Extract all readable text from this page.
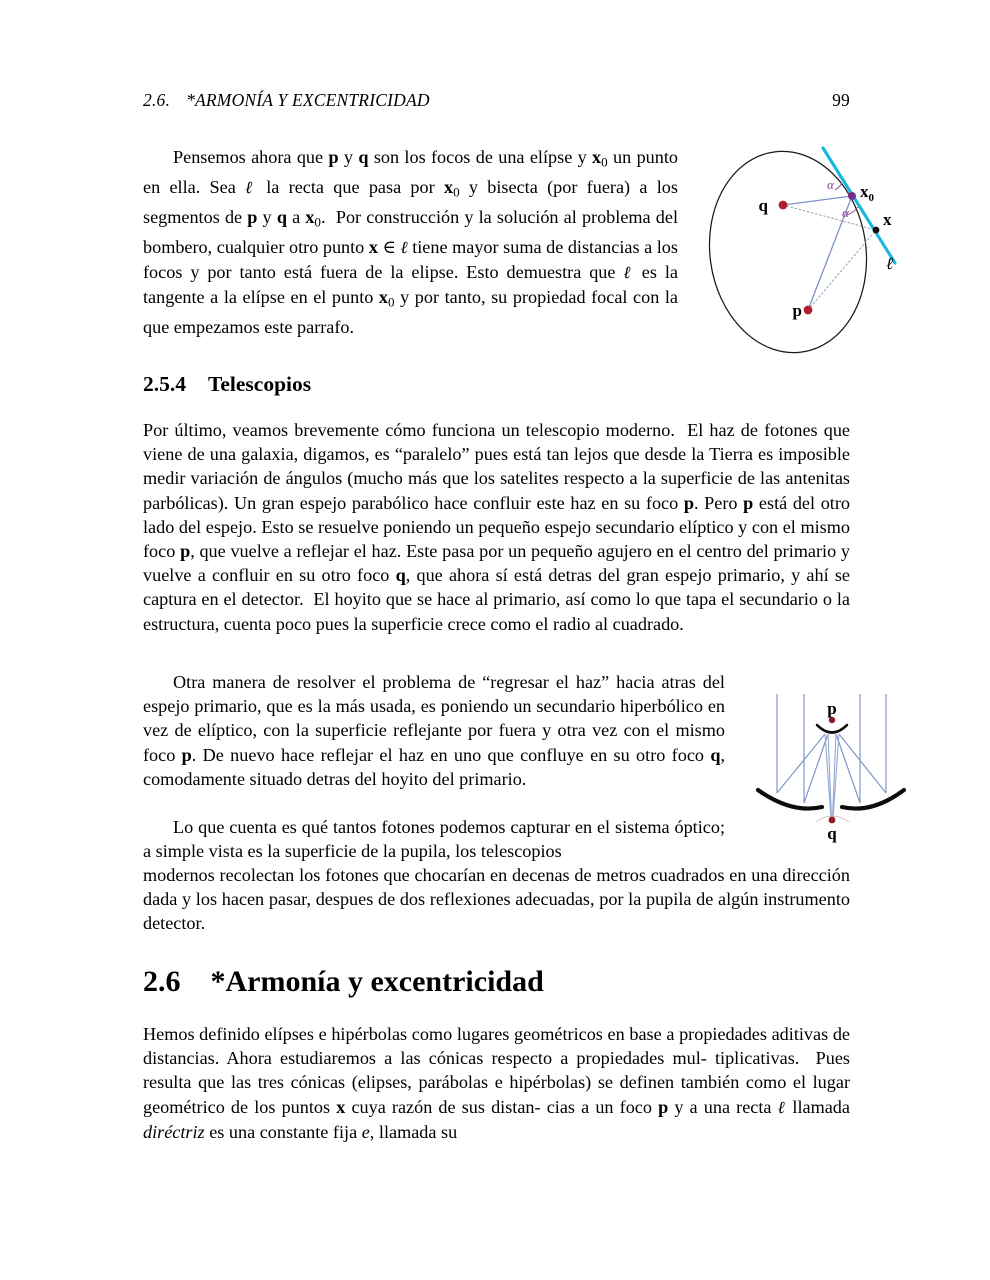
2.6. *ARMONÍA Y EXCENTRICIDAD	99
Pensemos ahora que p y q son los focos de una elípse y $x_0$ un punto en ella. Sea ℓ la recta que pasa por $x_0$ y bisecta (por fuera) a los segmentos de p y q a $x_0$.  Por construcción y la solución al problema del bombero, cualquier otro punto x ∈ ℓ tiene mayor suma de distancias a los focos y por tanto está fuera de la elipse. Esto demuestra que ℓ es la tangente a la elípse en el punto $x_0$ y por tanto, su propiedad focal con la que empezamos este parrafo.
q
p
$x_0$
x
ℓ
α
α
2.5.4 Telescopios
Por último, veamos brevemente cómo funciona un telescopio moderno.  El haz de fotones que viene de una galaxia, digamos, es “paralelo” pues está tan lejos que desde la Tierra es imposible medir variación de ángulos (mucho más que los satelites respecto a la superficie de las antenitas parbólicas). Un gran espejo parabólico hace confluir este haz en su foco p. Pero p está del otro lado del espejo. Esto se resuelve poniendo un pequeño espejo secundario elíptico y con el mismo foco p, que vuelve a reflejar el haz. Este pasa por un pequeño agujero en el centro del primario y vuelve a confluir en su otro foco q, que ahora sí está detras del gran espejo primario, y ahí se captura en el detector.  El hoyito que se hace al primario, así como lo que tapa el secundario o la estructura, cuenta poco pues la superficie crece como el radio al cuadrado.
Otra manera de resolver el problema de “regresar el haz” hacia atras del espejo primario, que es la más usada, es poniendo un secundario hiperbólico en vez de elíptico, con la superficie reflejante por fuera y otra vez con el mismo foco p. De nuevo hace reflejar el haz en uno que confluye en su otro foco q, comodamente situado detras del hoyito del primario.
Lo que cuenta es qué tantos fotones podemos capturar en el sistema óptico; a simple vista es la superficie de la pupila, los telescopios
modernos recolectan los fotones que chocarían en decenas de metros cuadrados en una dirección dada y los hacen pasar, despues de dos reflexiones adecuadas, por la pupila de algún instrumento detector.
p
q
2.6 *Armonía y excentricidad
Hemos definido elípses e hipérbolas como lugares geométricos en base a propiedades aditivas de distancias. Ahora estudiaremos a las cónicas respecto a propiedades mul- tiplicativas.  Pues resulta que las tres cónicas (elipses, parábolas e hipérbolas) se definen también como el lugar geométrico de los puntos x cuya razón de sus distan- cias a un foco p y a una recta ℓ llamada diréctriz es una constante fija e, llamada su
